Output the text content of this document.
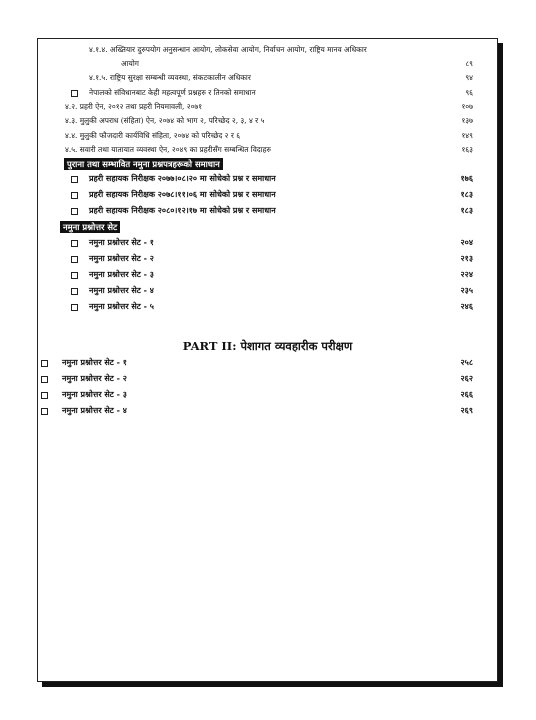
४.१.४. अख्तियार दुरुपयोग अनुसन्धान आयोग, लोकसेवा आयोग, निर्वाचन आयोग, राष्ट्रिय मानव अधिकार
आयोग	८९
४.१.५. राष्ट्रिय सुरक्षा सम्बन्धी व्यवस्था, संकटकालीन अधिकार	९४
नेपालको संविधानबाट केही महत्वपूर्ण प्रश्नहरु र तिनको समाधान	९६
४.२. प्रहरी ऐन, २०१२ तथा प्रहरी नियमावली, २०७१	१०७
४.३. मुलुकी अपराध (संहिता) ऐन, २०७४ को भाग २, परिच्छेद २, ३, ४ र ५	१३७
४.४. मुलुकी फौजदारी कार्यविधि संहिता, २०७४ को परिच्छेद २ र ६	१४९
४.५. सवारी तथा यातायात व्यवस्था ऐन, २०४९ का प्रहरीसँग सम्बन्धित विदाहरु	१६३
पुराना तथा सम्भावित नमुना प्रश्नपत्रहरूको समाधान
प्रहरी सहायक निरीक्षक २०७७।०८।२० मा सोधेको प्रश्न र समाधान	१७६
प्रहरी सहायक निरीक्षक २०७८।११।०६ मा सोधेको प्रश्न र समाधान	१८३
प्रहरी सहायक निरीक्षक २०८०।१२।१७ मा सोधेको प्रश्न र समाधान	१८३
नमुना प्रश्नोत्तर सेट
नमुना प्रश्नोत्तर सेट - १	२०४
नमुना प्रश्नोत्तर सेट - २	२१३
नमुना प्रश्नोत्तर सेट - ३	२२४
नमुना प्रश्नोत्तर सेट - ४	२३५
नमुना प्रश्नोत्तर सेट - ५	२४६
PART II: पेशागत व्यवहारीक परीक्षण
नमुना प्रश्नोत्तर सेट - १	२५८
नमुना प्रश्नोत्तर सेट - २	२६२
नमुना प्रश्नोत्तर सेट - ३	२६६
नमुना प्रश्नोत्तर सेट - ४	२६९
